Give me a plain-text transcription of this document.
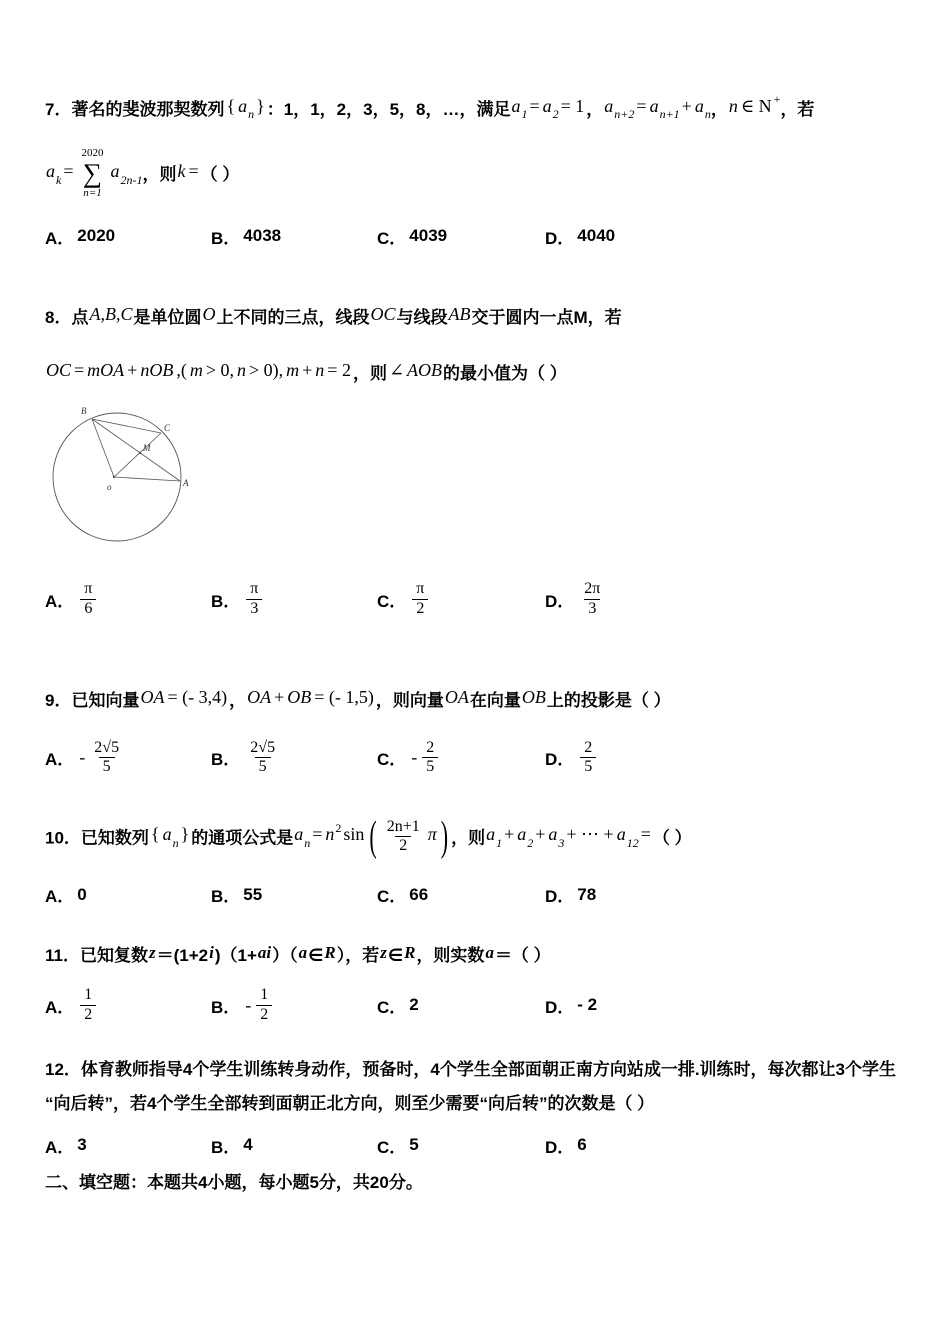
7．著名的斐波那契数列 { $a_n$ } ：1，1，2，3，5，8，…，满足$a_1 = a_2 = 1$ ，$a_{n+2} = a_{n+1} + a_n$，n ∈ N +，若
$a_k$ =
2020
∑
n=1
$a_{2n-1}$，则k = （ ）
A． 2020	B． 4038	C． 4039	D． 4040
8．点A,B,C是单位圆O上不同的三点，线段OC与线段AB交于圆内一点M，若
OC = mOA + nOB ,( m > 0, n > 0), m + n = 2 ，则 ∠ AOB的最小值为（ ）
B
C
M
o	A
A． $\frac{\pi}{6}$	B． $\frac{\pi}{3}$	C． $\frac{\pi}{2}$	D． $\frac{2\pi}{3}$
9．已知向量OA = (- 3,4) ，OA + OB = (- 1,5) ，则向量OA在向量OB上的投影是（ ）
A． - $\frac{2√5}{5}$	B． $\frac{2√5}{5}$	C． - $\frac{2}{5}$	D． $\frac{2}{5}$
10．已知数列 { $a_n$ } 的通项公式是$a_n = n^2$ sin ( $\frac{2n+1}{2}$ π ) ，则$a_1 + a_2 + a_3$ + ⋯ + $a_{12}$ = （ ）
A． 0	B． 55	C． 66	D． 78
11．已知复数z＝(1+2i)（1+ai）（a∈R），若z∈R，则实数a＝（ ）
A． $\frac{1}{2}$	B． - $\frac{1}{2}$	C． 2	D． - 2
12．体育教师指导4个学生训练转身动作，预备时，4个学生全部面朝正南方向站成一排.训练时，每次都让3个学生
“向后转”，若4个学生全部转到面朝正北方向，则至少需要“向后转”的次数是（ ）
A． 3	B． 4	C． 5	D． 6
二、填空题：本题共4小题，每小题5分，共20分。
